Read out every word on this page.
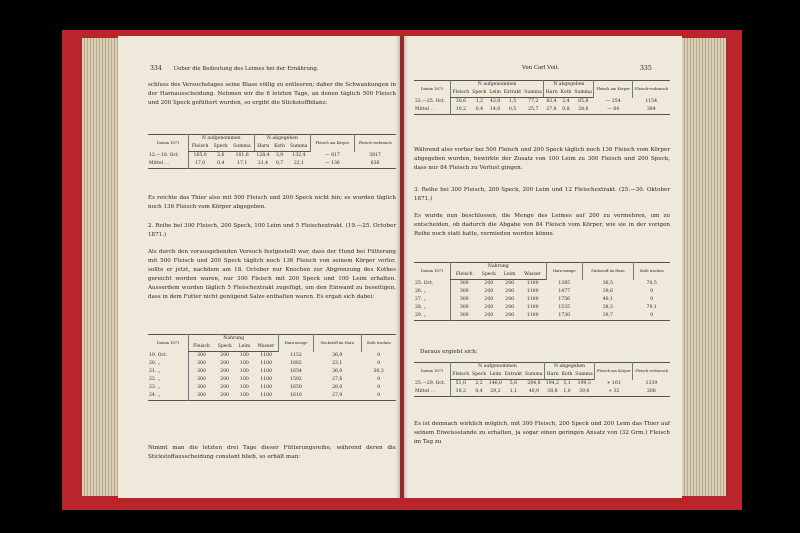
334 Ueber die Bedeutung des Leimes bei der Ernährung.
schluss des Versuchstages seine Blase völlig zu entleeren; daher die Schwankungen in der Harnausscheidung. Nehmen wir die 6 letzten Tage, an denen täglich 500 Fleisch und 200 Speck gefüttert wurden, so ergibt die Stickstoffbilanz:
Datum 1871	N aufgenommen			N abgegeben			Fleisch am Körper	Fleisch-verbrauch
	Fleisch	Speck	Summa	Harn	Koth	Summa		
12.—18. Oct.	165,0	2,6	101,6	128,4	3,9	132,4	— 817	3817
Mittel . .	17,0	0,4	17,1	21,4	0,7	22,1	— 136	636
Es reichte das Thier also mit 500 Fleisch und 200 Speck nicht hin; es wurden täglich noch 136 Fleisch vom Körper abgegeben.
2. Reihe bei 300 Fleisch, 200 Speck, 100 Leim und 5 Fleischextrakt. (19.—25. October 1871.)
Als durch den vorausgehenden Versuch festgestellt war, dass der Hund bei Fütterung mit 500 Fleisch und 200 Speck täglich noch 136 Fleisch von seinem Körper verlor, sollte er jetzt, nachdem am 18. October nur Knochen zur Abgrenzung des Kothes gereicht worden waren, nur 300 Fleisch mit 200 Speck und 100 Leim erhalten. Ausserdem wurden täglich 5 Fleischextrakt zugefügt, um den Einwand zu beseitigen, dass in dem Futter nicht genügend Salze enthalten waren. Es ergab sich dabei:
Datum 1871	Nahrung				Harn-menge	Stickstoff im Harn	Koth trocken
	Fleisch	Speck	Leim	Wasser			
19. Oct.	300	200	100	1100	1152	36,9	0
20. „	300	200	100	1100	1882	23,1	0
21. „	300	200	100	1100	1654	36,0	30,3
22. „	300	200	100	1100	1592	27,6	0
23. „	300	200	100	1100	1650	28,0	0
24. „	300	200	100	1100	1610	27,9	0
Nimmt man die letzten drei Tage dieser Fütterungsreihe, während deren die Stickstoffausscheidung constant blieb, so erhält man:
Von Carl Voit.	335
Datum 1871	N aufgenommen					N abgegeben			Fleisch am Körper	Fleisch-verbrauch
	Fleisch	Speck	Leim	Extrakt	Summa	Harn	Koth	Summa		
22.—25. Oct.	30,6	1,2	43,8	1,5	77,2	83,4	2,4	85,8	— 254	1154
Mittel . .	10,2	0,4	14,6	0,5	25,7	27,8	0,8	28,6	— 84	384
Während also vorher bei 500 Fleisch und 200 Speck täglich noch 136 Fleisch vom Körper abgegeben wurden, bewirkte der Zusatz von 100 Leim zu 300 Fleisch und 200 Speck, dass nur 84 Fleisch zu Verlust gingen.
3. Reihe bei 300 Fleisch, 200 Speck, 200 Leim und 12 Fleischextrakt. (25.—30. Oktober 1871.)
Es wurde nun beschlossen, die Menge des Leimes auf 200 zu vermehren, um zu entscheiden, ob dadurch die Abgabe von 84 Fleisch vom Körper, wie sie in der vorigen Reihe noch statt hatte, vermieden werden könne.
Datum 1871	Nahrung				Harn-menge	Stickstoff im Harn	Koth trocken
	Fleisch	Speck	Leim	Wasser			
25. Oct.	300	200	200	1100	1385	36,5	70,5
26. „	300	200	200	1100	1477	39,6	0
27. „	300	200	200	1100	1756	40,1	0
28. „	300	200	200	1100	1535	38,3	79,1
29. „	300	200	200	1100	1730	39,7	0
Daraus ergiebt sich:
Datum 1871	N aufgenommen					N abgegeben			Fleisch am Körper	Fleisch-verbrauch
	Fleisch	Speck	Leim	Extrakt	Summa	Harn	Koth	Summa		
25.—29. Oct.	51,0	2,2	146,0	5,6	204,8	194,2	5,1	199,3	+ 161	1339
Mittel . .	10,2	0,4	29,2	1,1	40,9	38,8	1,0	39,8	+ 32	268
Es ist demnach wirklich möglich, mit 300 Fleisch, 200 Speck und 200 Leim das Thier auf seinem Eiweissstande zu erhalten, ja sogar einen geringen Ansatz von (32 Grm.) Fleisch im Tag zu
